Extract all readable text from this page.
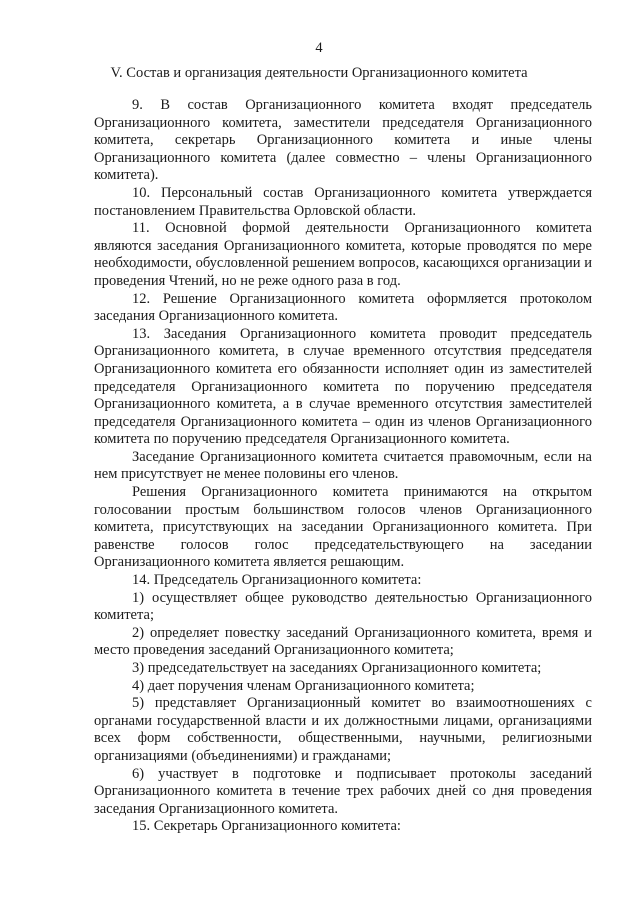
4
V. Состав и организация деятельности Организационного комитета

9. В состав Организационного комитета входят председатель Организационного комитета, заместители председателя Организационного комитета, секретарь Организационного комитета и иные члены Организационного комитета (далее совместно – члены Организационного комитета).

10. Персональный состав Организационного комитета утверждается постановлением Правительства Орловской области.

11. Основной формой деятельности Организационного комитета являются заседания Организационного комитета, которые проводятся по мере необходимости, обусловленной решением вопросов, касающихся организации и проведения Чтений, но не реже одного раза в год.

12. Решение Организационного комитета оформляется протоколом заседания Организационного комитета.

13. Заседания Организационного комитета проводит председатель Организационного комитета, в случае временного отсутствия председателя Организационного комитета его обязанности исполняет один из заместителей председателя Организационного комитета по поручению председателя Организационного комитета, а в случае временного отсутствия заместителей председателя Организационного комитета – один из членов Организационного комитета по поручению председателя Организационного комитета.

Заседание Организационного комитета считается правомочным, если на нем присутствует не менее половины его членов.

Решения Организационного комитета принимаются на открытом голосовании простым большинством голосов членов Организационного комитета, присутствующих на заседании Организационного комитета. При равенстве голосов голос председательствующего на заседании Организационного комитета является решающим.

14. Председатель Организационного комитета:

1) осуществляет общее руководство деятельностью Организационного комитета;

2) определяет повестку заседаний Организационного комитета, время и место проведения заседаний Организационного комитета;

3) председательствует на заседаниях Организационного комитета;

4) дает поручения членам Организационного комитета;

5) представляет Организационный комитет во взаимоотношениях с органами государственной власти и их должностными лицами, организациями всех форм собственности, общественными, научными, религиозными организациями (объединениями) и гражданами;

6) участвует в подготовке и подписывает протоколы заседаний Организационного комитета в течение трех рабочих дней со дня проведения заседания Организационного комитета.

15. Секретарь Организационного комитета:
